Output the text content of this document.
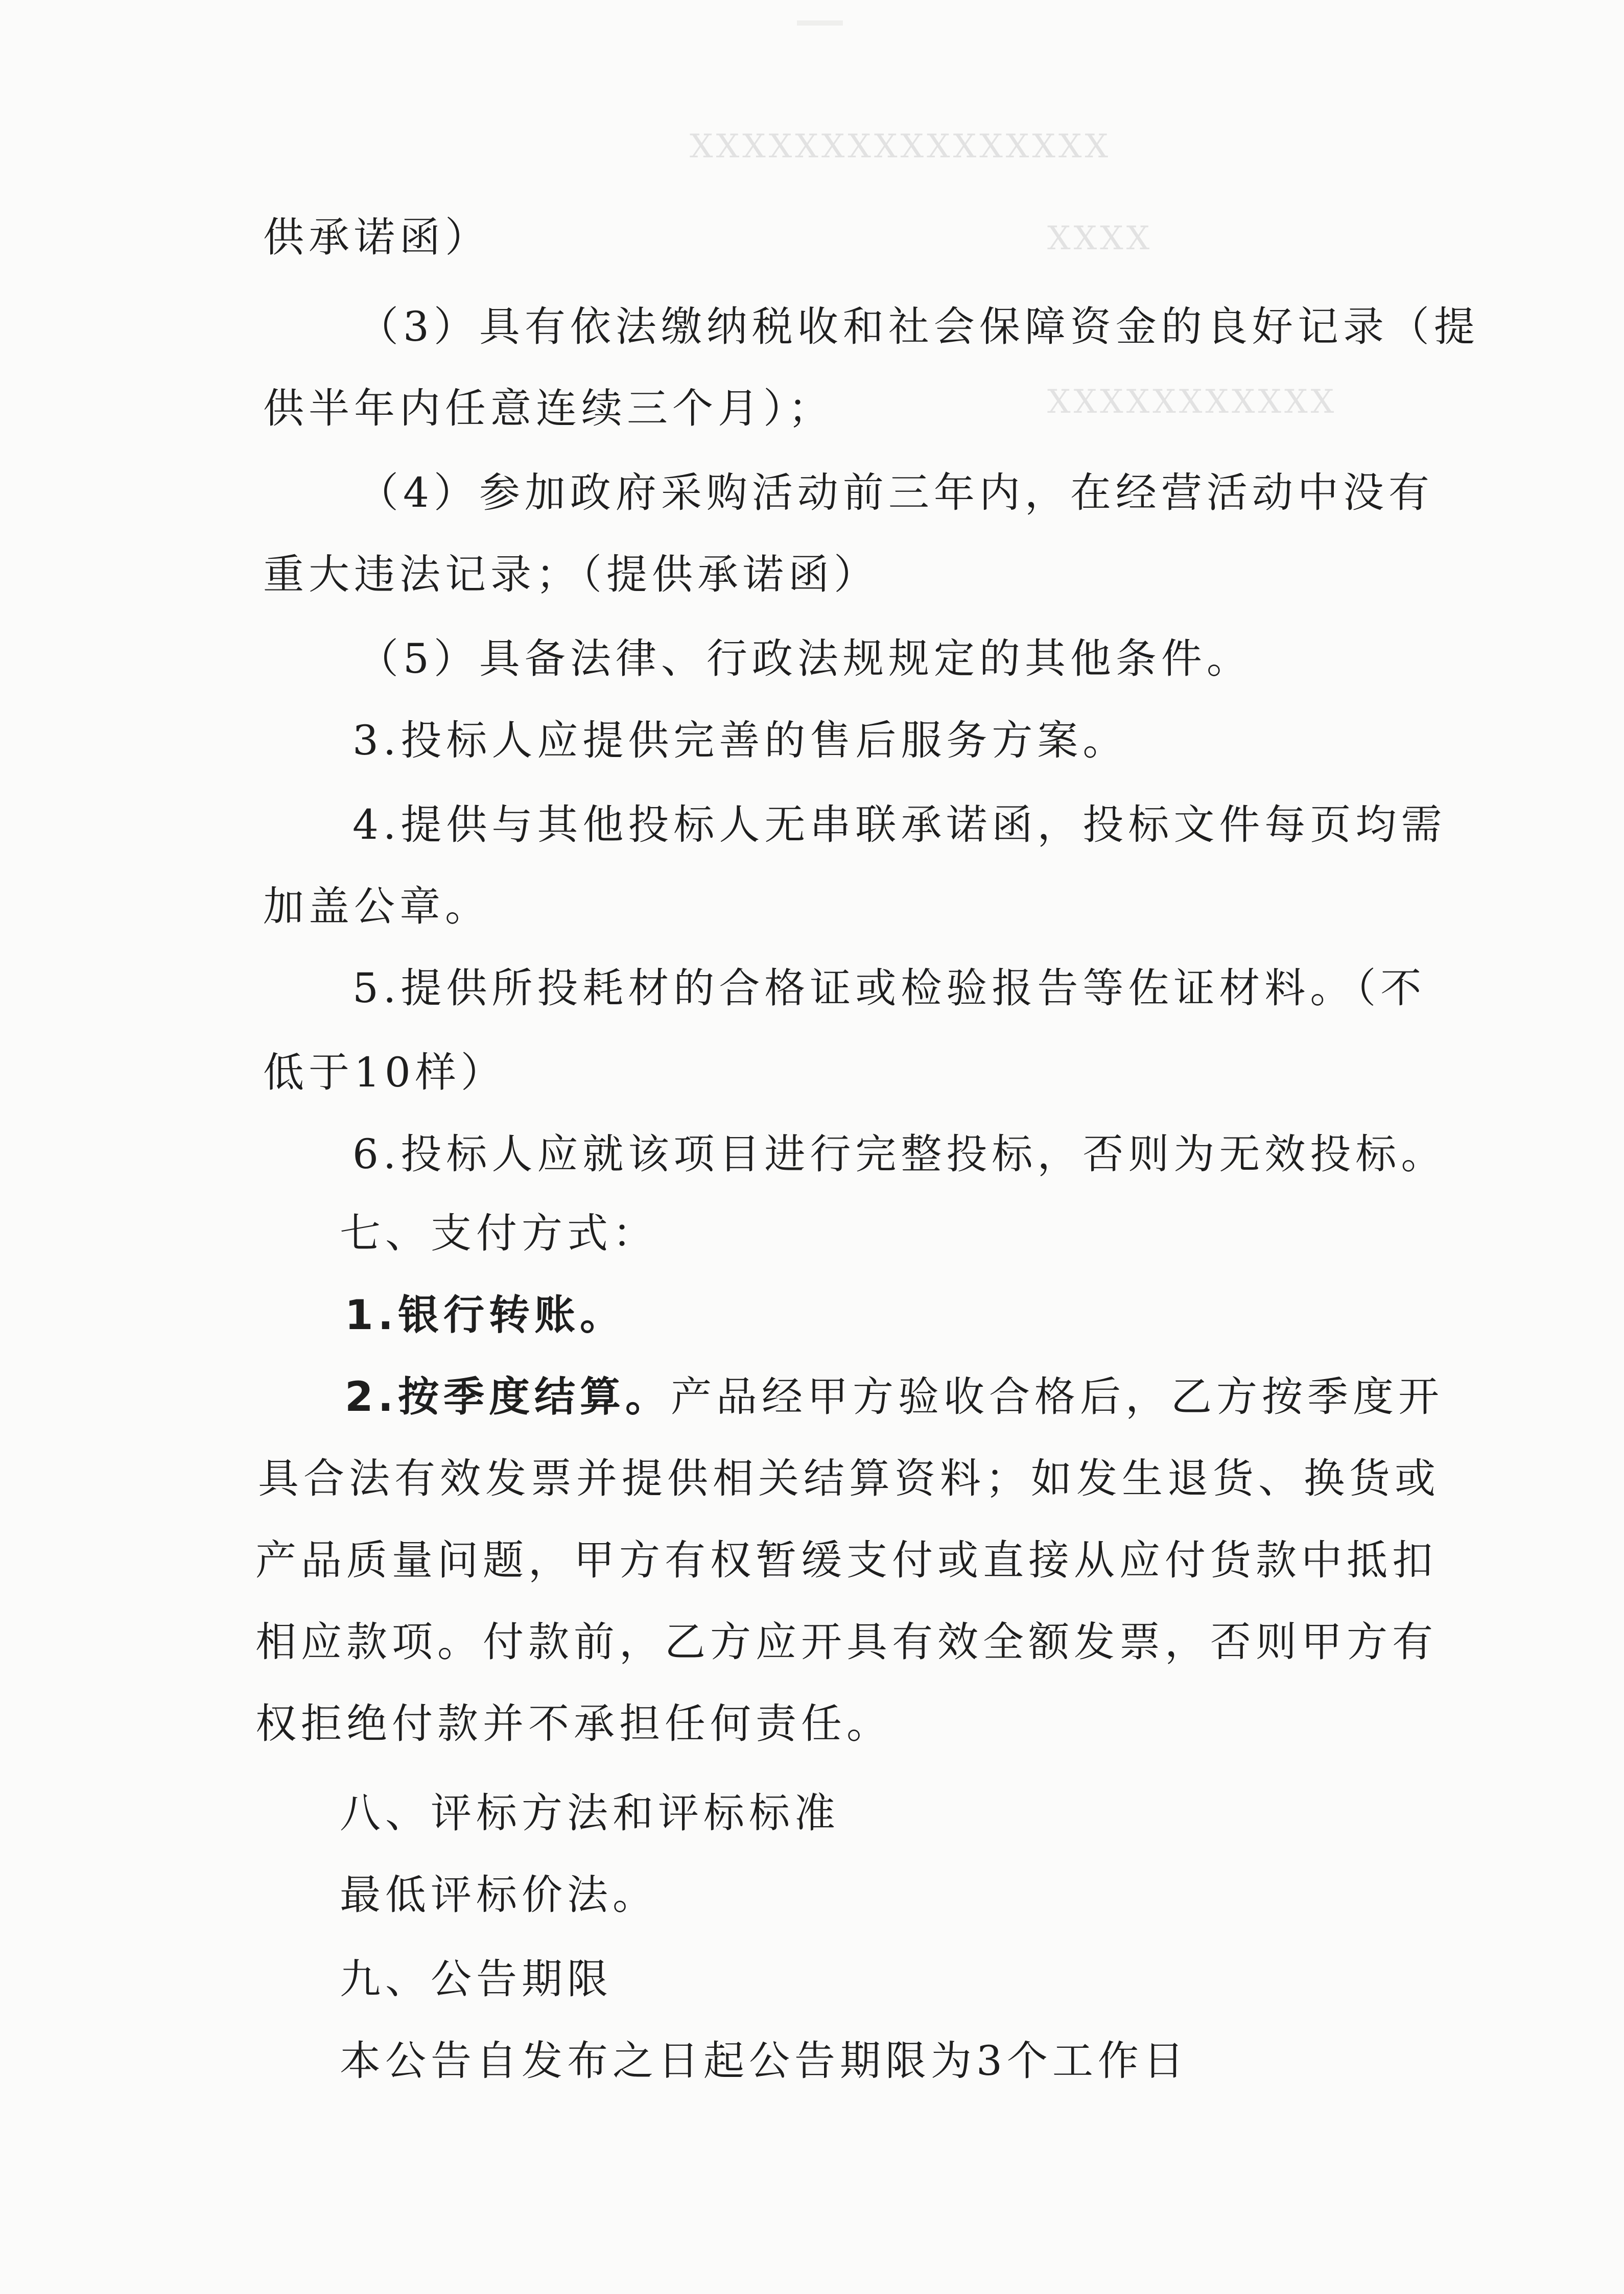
XXXXXXXXXXXXXXXX
XXXX
XXXXXXXXXXX
供承诺函）
（3）具有依法缴纳税收和社会保障资金的良好记录（提
供半年内任意连续三个月）；
（4）参加政府采购活动前三年内，在经营活动中没有
重大违法记录；（提供承诺函）
（5）具备法律、行政法规规定的其他条件。
3.投标人应提供完善的售后服务方案。
4.提供与其他投标人无串联承诺函，投标文件每页均需
加盖公章。
5.提供所投耗材的合格证或检验报告等佐证材料。（不
低于10样）
6.投标人应就该项目进行完整投标，否则为无效投标。
七、支付方式：
1.银行转账。
2.按季度结算。产品经甲方验收合格后，乙方按季度开
具合法有效发票并提供相关结算资料；如发生退货、换货或
产品质量问题，甲方有权暂缓支付或直接从应付货款中抵扣
相应款项。付款前，乙方应开具有效全额发票，否则甲方有
权拒绝付款并不承担任何责任。
八、评标方法和评标标准
最低评标价法。
九、公告期限
本公告自发布之日起公告期限为3个工作日
